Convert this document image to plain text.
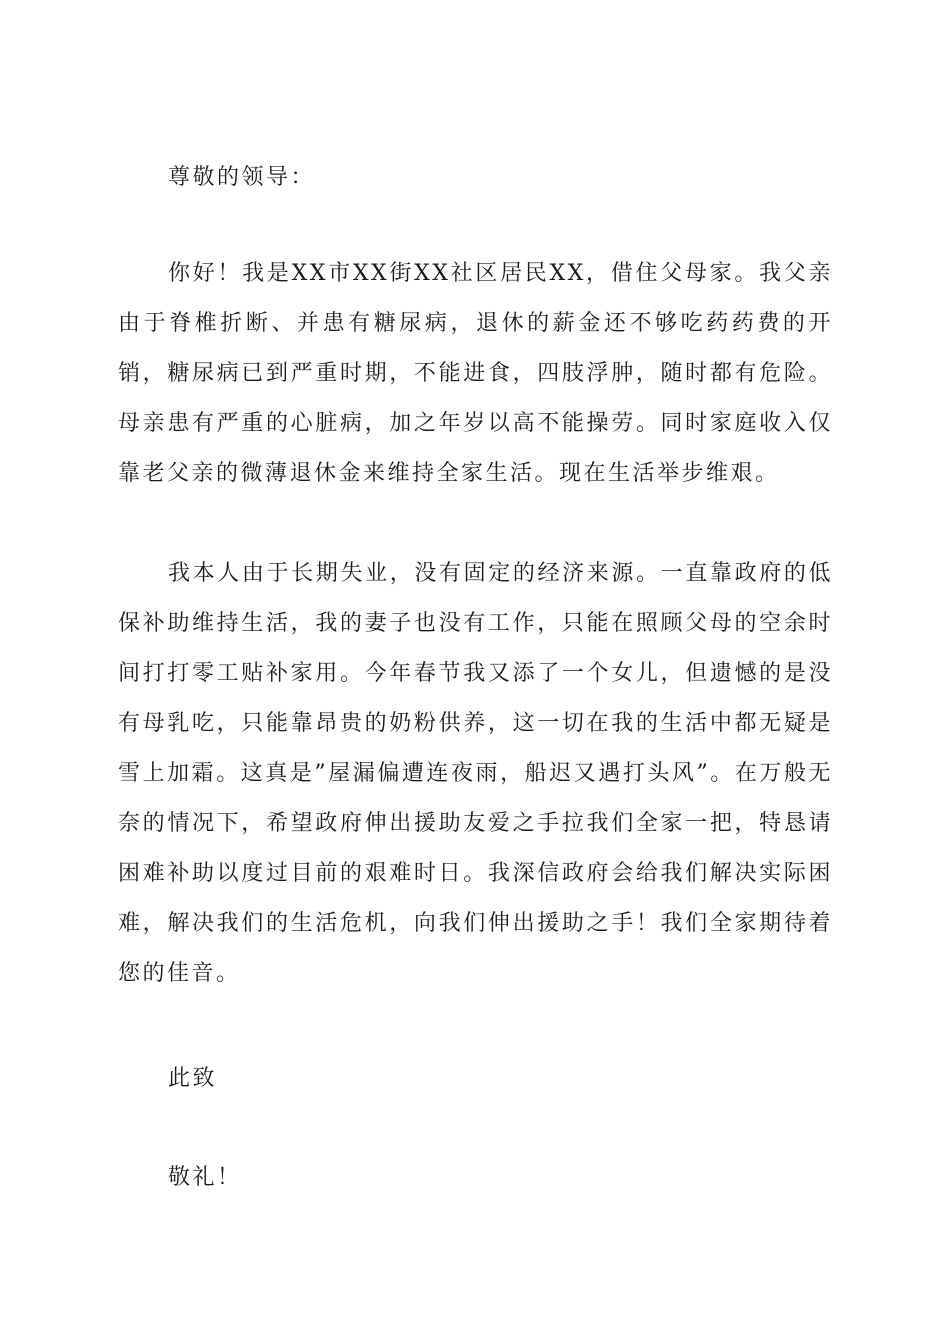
尊敬的领导：

你好！我是XX市XX街XX社区居民XX，借住父母家。我父亲由于脊椎折断、并患有糖尿病，退休的薪金还不够吃药药费的开销，糖尿病已到严重时期，不能进食，四肢浮肿，随时都有危险。母亲患有严重的心脏病，加之年岁以高不能操劳。同时家庭收入仅靠老父亲的微薄退休金来维持全家生活。现在生活举步维艰。

我本人由于长期失业，没有固定的经济来源。一直靠政府的低保补助维持生活，我的妻子也没有工作，只能在照顾父母的空余时间打打零工贴补家用。今年春节我又添了一个女儿，但遗憾的是没有母乳吃，只能靠昂贵的奶粉供养，这一切在我的生活中都无疑是雪上加霜。这真是”屋漏偏遭连夜雨，船迟又遇打头风”。在万般无奈的情况下，希望政府伸出援助友爱之手拉我们全家一把，特恳请困难补助以度过目前的艰难时日。我深信政府会给我们解决实际困难，解决我们的生活危机，向我们伸出援助之手！我们全家期待着您的佳音。

此致

敬礼！
